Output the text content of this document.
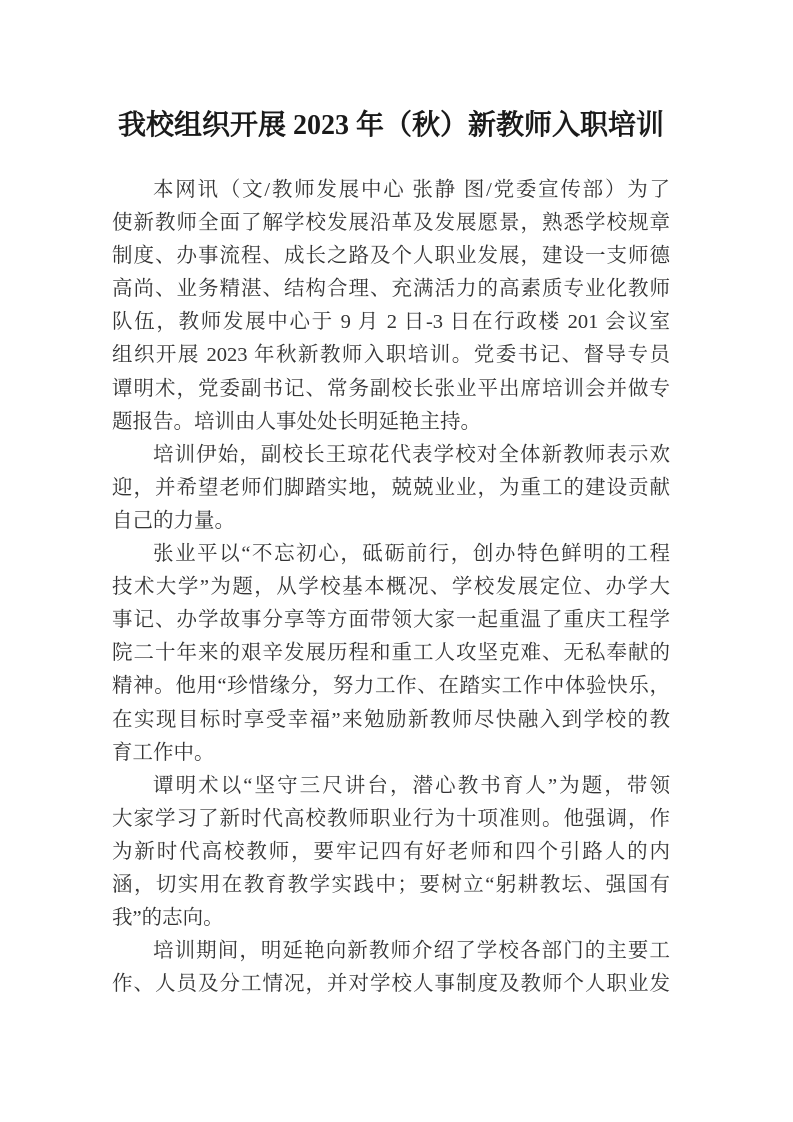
我校组织开展 2023 年（秋）新教师入职培训
本网讯（文/教师发展中心 张静 图/党委宣传部）为了
使新教师全面了解学校发展沿革及发展愿景，熟悉学校规章
制度、办事流程、成长之路及个人职业发展，建设一支师德
高尚、业务精湛、结构合理、充满活力的高素质专业化教师
队伍，教师发展中心于 9 月 2 日-3 日在行政楼 201 会议室
组织开展 2023 年秋新教师入职培训。党委书记、督导专员
谭明术，党委副书记、常务副校长张业平出席培训会并做专
题报告。培训由人事处处长明延艳主持。
培训伊始，副校长王琼花代表学校对全体新教师表示欢
迎，并希望老师们脚踏实地，兢兢业业，为重工的建设贡献
自己的力量。
张业平以“不忘初心，砥砺前行，创办特色鲜明的工程
技术大学”为题，从学校基本概况、学校发展定位、办学大
事记、办学故事分享等方面带领大家一起重温了重庆工程学
院二十年来的艰辛发展历程和重工人攻坚克难、无私奉献的
精神。他用“珍惜缘分，努力工作、在踏实工作中体验快乐，
在实现目标时享受幸福”来勉励新教师尽快融入到学校的教
育工作中。
谭明术以“坚守三尺讲台，潜心教书育人”为题，带领
大家学习了新时代高校教师职业行为十项准则。他强调，作
为新时代高校教师，要牢记四有好老师和四个引路人的内
涵，切实用在教育教学实践中；要树立“躬耕教坛、强国有
我”的志向。
培训期间，明延艳向新教师介绍了学校各部门的主要工
作、人员及分工情况，并对学校人事制度及教师个人职业发
